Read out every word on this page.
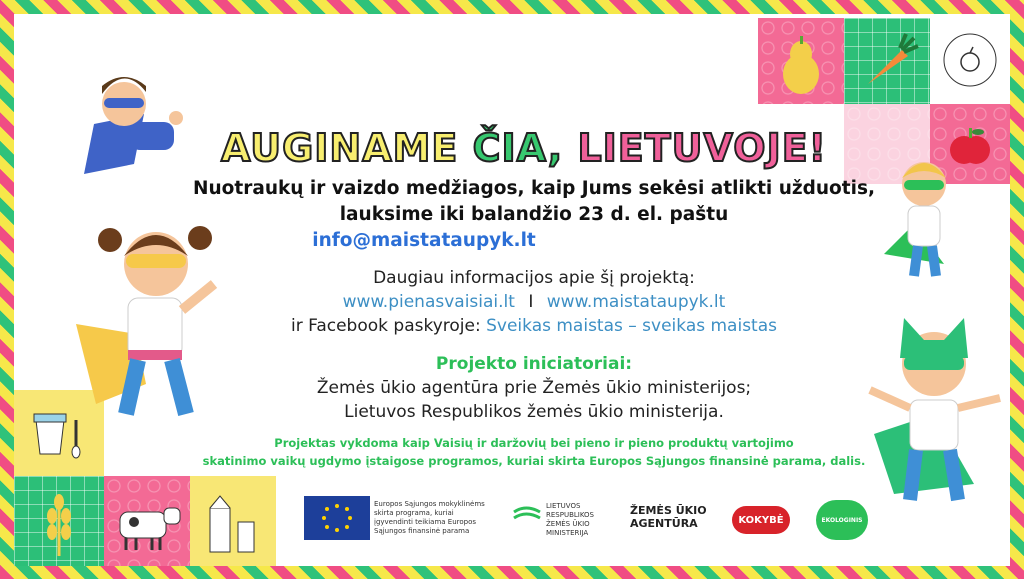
AUGINAME ČIA, LIETUVOJE!
Nuotraukų ir vaizdo medžiagos, kaip Jums sekėsi atlikti užduotis,
lauksime iki balandžio 23 d. el. paštu
info@maistataupyk.lt
Daugiau informacijos apie šį projektą:
www.pienasvaisiai.lt I www.maistataupyk.lt
ir Facebook paskyroje: Sveikas maistas – sveikas maistas
Projekto iniciatoriai:
Žemės ūkio agentūra prie Žemės ūkio ministerijos;
Lietuvos Respublikos žemės ūkio ministerija.
Projektas vykdoma kaip Vaisių ir daržovių bei pieno ir pieno produktų vartojimo
skatinimo vaikų ugdymo įstaigose programos, kuriai skirta Europos Sąjungos finansinė parama, dalis.
Europos Sąjungos mokyklinėms skirta programa, kuriai įgyvendinti teikiama Europos Sąjungos finansinė parama
LIETUVOS
RESPUBLIKOS
ŽEMĖS ŪKIO
MINISTERIJA
ŽEMĖS ŪKIO
AGENTŪRA	KOKYBĖ	EKOLOGINIS
